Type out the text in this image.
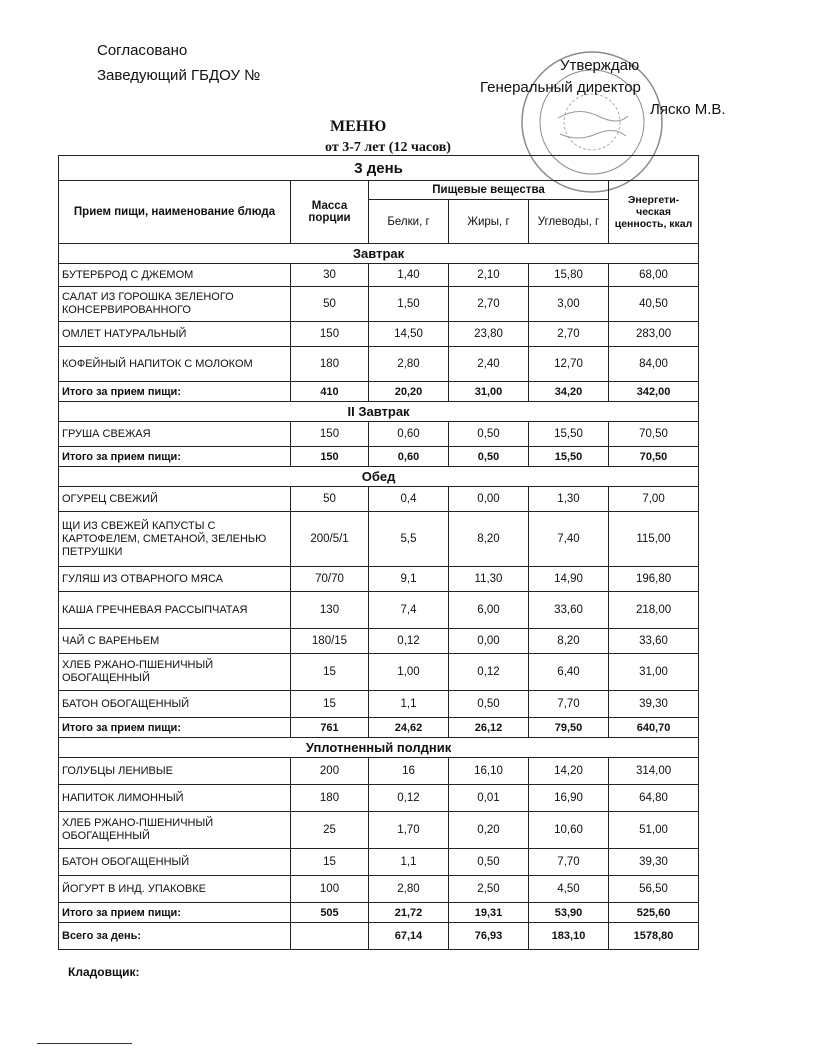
Согласовано
Заведующий ГБДОУ №
Утверждаю
Генеральный директор
Ляско М.В.
МЕНЮ
от 3-7 лет (12 часов)
3 день					
Прием пищи, наименование блюда	Масса порции	Пищевые вещества			Энергети-ческая ценность, ккал
		Белки, г	Жиры, г	Углеводы, г	
Завтрак					
БУТЕРБРОД С ДЖЕМОМ	30	1,40	2,10	15,80	68,00
САЛАТ ИЗ ГОРОШКА ЗЕЛЕНОГО КОНСЕРВИРОВАННОГО	50	1,50	2,70	3,00	40,50
ОМЛЕТ НАТУРАЛЬНЫЙ	150	14,50	23,80	2,70	283,00
КОФЕЙНЫЙ НАПИТОК С МОЛОКОМ	180	2,80	2,40	12,70	84,00
Итого за прием пищи:	410	20,20	31,00	34,20	342,00
II Завтрак					
ГРУША СВЕЖАЯ	150	0,60	0,50	15,50	70,50
Итого за прием пищи:	150	0,60	0,50	15,50	70,50
Обед					
ОГУРЕЦ СВЕЖИЙ	50	0,4	0,00	1,30	7,00
ЩИ ИЗ СВЕЖЕЙ КАПУСТЫ С КАРТОФЕЛЕМ, СМЕТАНОЙ, ЗЕЛЕНЬЮ ПЕТРУШКИ	200/5/1	5,5	8,20	7,40	115,00
ГУЛЯШ ИЗ ОТВАРНОГО МЯСА	70/70	9,1	11,30	14,90	196,80
КАША ГРЕЧНЕВАЯ РАССЫПЧАТАЯ	130	7,4	6,00	33,60	218,00
ЧАЙ С ВАРЕНЬЕМ	180/15	0,12	0,00	8,20	33,60
ХЛЕБ РЖАНО-ПШЕНИЧНЫЙ ОБОГАЩЕННЫЙ	15	1,00	0,12	6,40	31,00
БАТОН ОБОГАЩЕННЫЙ	15	1,1	0,50	7,70	39,30
Итого за прием пищи:	761	24,62	26,12	79,50	640,70
Уплотненный полдник					
ГОЛУБЦЫ ЛЕНИВЫЕ	200	16	16,10	14,20	314,00
НАПИТОК ЛИМОННЫЙ	180	0,12	0,01	16,90	64,80
ХЛЕБ РЖАНО-ПШЕНИЧНЫЙ ОБОГАЩЕННЫЙ	25	1,70	0,20	10,60	51,00
БАТОН ОБОГАЩЕННЫЙ	15	1,1	0,50	7,70	39,30
ЙОГУРТ В ИНД. УПАКОВКЕ	100	2,80	2,50	4,50	56,50
Итого за прием пищи:	505	21,72	19,31	53,90	525,60
Всего за день:		67,14	76,93	183,10	1578,80
Кладовщик:
